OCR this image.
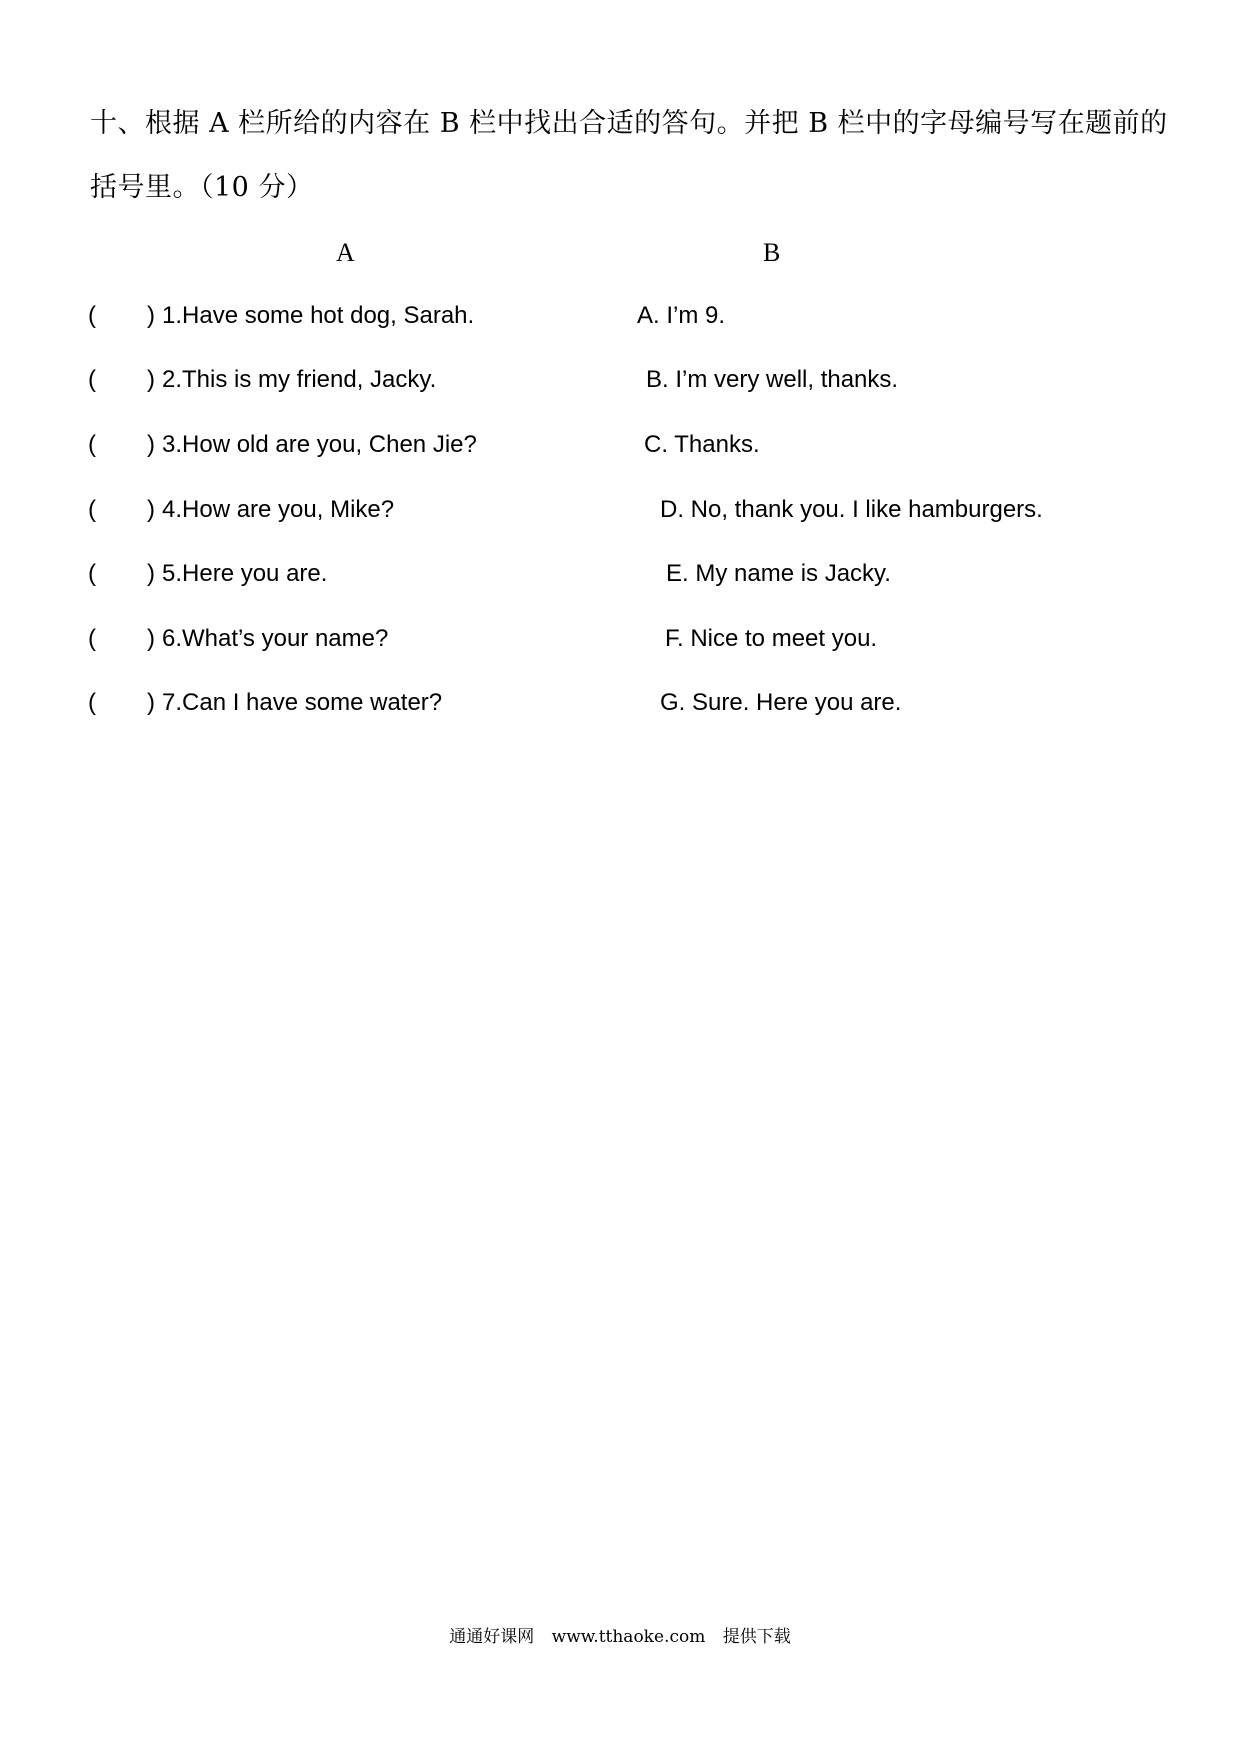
十、根据 A 栏所给的内容在 B 栏中找出合适的答句。并把 B 栏中的字母编号写在题前的括号里。（10 分）
A	B
( ) 1.Have some hot dog, Sarah.	A. I’m 9.
( ) 2.This is my friend, Jacky.	B. I’m very well, thanks.
( ) 3.How old are you, Chen Jie?	C. Thanks.
( ) 4.How are you, Mike?	D. No, thank you. I like hamburgers.
( ) 5.Here you are.	E. My name is Jacky.
( ) 6.What’s your name?	F. Nice to meet you.
( ) 7.Can I have some water?	G. Sure. Here you are.
通通好课网 www.tthaoke.com 提供下载
